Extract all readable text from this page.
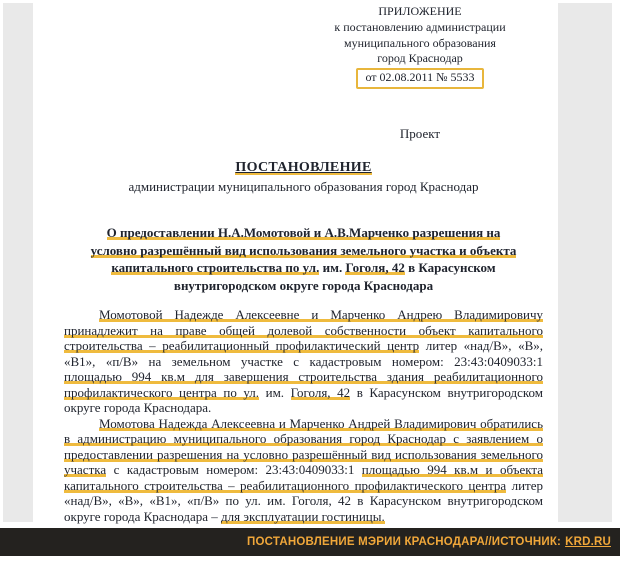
ПРИЛОЖЕНИЕ
к постановлению администрации
муниципального образования
город Краснодар
от 02.08.2011 № 5533
Проект
ПОСТАНОВЛЕНИЕ
администрации муниципального образования город Краснодар
О предоставлении Н.А.Момотовой и А.В.Марченко разрешения на
условно разрешённый вид использования земельного участка и объекта
капитального строительства по ул. им. Гоголя, 42 в Карасунском
внутригородском округе города Краснодара

Момотовой Надежде Алексеевне и Марченко Андрею Владимировичу принадлежит на праве общей долевой собственности объект капитального строительства – реабилитационный профилактический центр литер «над/В», «В», «В1», «п/В» на земельном участке с кадастровым номером: 23:43:0409033:1 площадью 994 кв.м для завершения строительства здания реабилитационного профилактического центра по ул. им. Гоголя, 42 в Карасунском внутригородском округе города Краснодара.

Момотова Надежда Алексеевна и Марченко Андрей Владимирович обратились в администрацию муниципального образования город Краснодар с заявлением о предоставлении разрешения на условно разрешённый вид использования земельного участка с кадастровым номером: 23:43:0409033:1 площадью 994 кв.м и объекта капитального строительства – реабилитационного профилактического центра литер «над/В», «В», «В1», «п/В» по ул. им. Гоголя, 42 в Карасунском внутригородском округе города Краснодара – для эксплуатации гостиницы.

ПОСТАНОВЛЕНИЕ МЭРИИ КРАСНОДАРА//ИСТОЧНИК: KRD.RU
